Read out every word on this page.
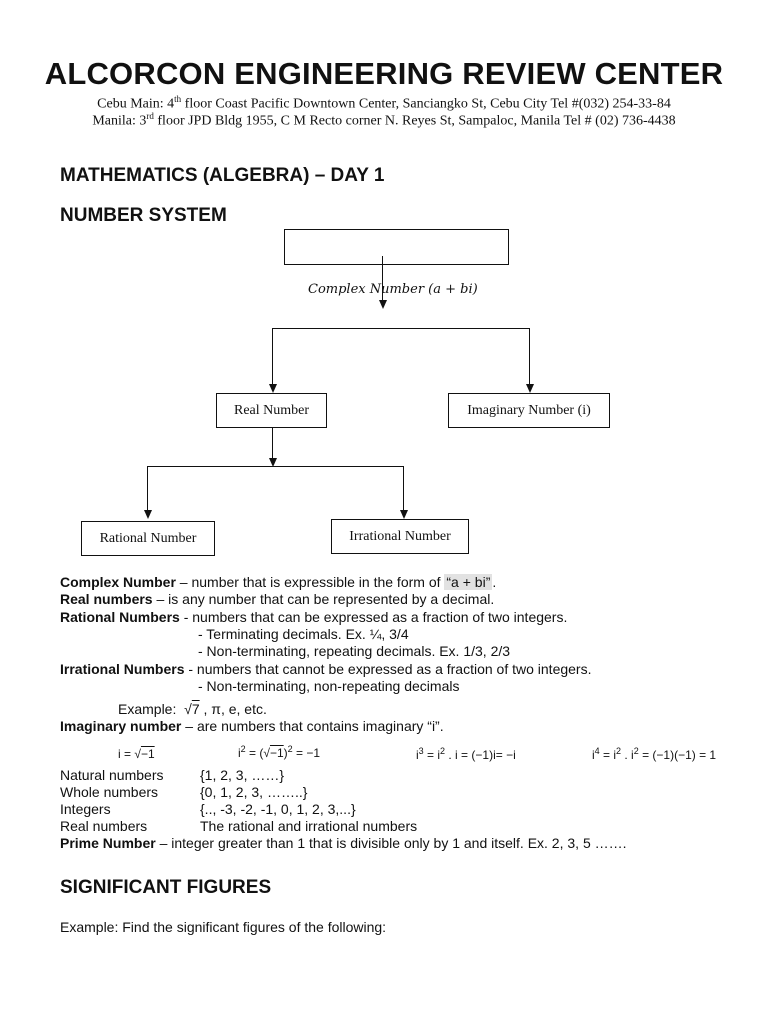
ALCORCON ENGINEERING REVIEW CENTER
Cebu Main: 4th floor Coast Pacific Downtown Center, Sanciangko St, Cebu City Tel #(032) 254-33-84
Manila: 3rd floor JPD Bldg 1955, C M Recto corner N. Reyes St, Sampaloc, Manila Tel # (02) 736-4438
MATHEMATICS (ALGEBRA) – DAY 1
NUMBER SYSTEM
Complex Number (a + bi)
Real Number	Imaginary Number (i)
Rational Number	Irrational Number
Complex Number – number that is expressible in the form of “a + bi” .
Real numbers – is any number that can be represented by a decimal.
Rational Numbers - numbers that can be expressed as a fraction of two integers.
- Terminating decimals. Ex. ¼, 3/4
- Non-terminating, repeating decimals. Ex. 1/3, 2/3
Irrational Numbers - numbers that cannot be expressed as a fraction of two integers.
- Non-terminating, non-repeating decimals
Example:  √7 , π, e, etc.
Imaginary number – are numbers that contains imaginary “i”.
i = √−1	$i^2 = (√-1)^2 = -1$	$i^3 = i^2$ . i = (−1)i= −i	$i^4 = i^2$ . $i^2 = (-1)(-1) = 1$
Natural numbers	{1, 2, 3, ……}
Whole numbers	{0, 1, 2, 3, ……..}
Integers	{.., -3, -2, -1, 0, 1, 2, 3,...}
Real numbers	The rational and irrational numbers
Prime Number – integer greater than 1 that is divisible only by 1 and itself. Ex. 2, 3, 5 …….
SIGNIFICANT FIGURES
Example: Find the significant figures of the following:
